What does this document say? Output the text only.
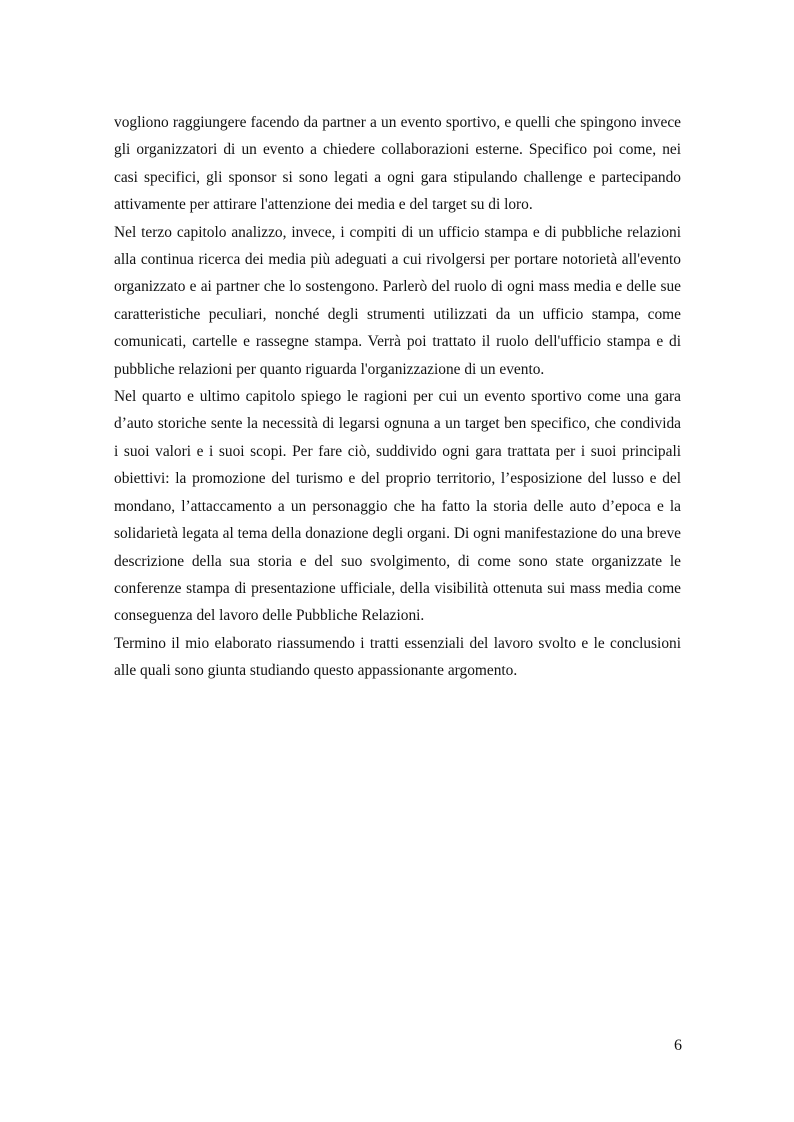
vogliono raggiungere facendo da partner a un evento sportivo, e quelli che spingono invece gli organizzatori di un evento a chiedere collaborazioni esterne. Specifico poi come, nei casi specifici, gli sponsor si sono legati a ogni gara stipulando challenge e partecipando attivamente per attirare l'attenzione dei media e del target su di loro.

Nel terzo capitolo analizzo, invece, i compiti di un ufficio stampa e di pubbliche relazioni alla continua ricerca dei media più adeguati a cui rivolgersi per portare notorietà all'evento organizzato e ai partner che lo sostengono. Parlerò del ruolo di ogni mass media e delle sue caratteristiche peculiari, nonché degli strumenti utilizzati da un ufficio stampa, come comunicati, cartelle e rassegne stampa. Verrà poi trattato il ruolo dell'ufficio stampa e di pubbliche relazioni per quanto riguarda l'organizzazione di un evento.

Nel quarto e ultimo capitolo spiego le ragioni per cui un evento sportivo come una gara d’auto storiche sente la necessità di legarsi ognuna a un target ben specifico, che condivida i suoi valori e i suoi scopi. Per fare ciò, suddivido ogni gara trattata per i suoi principali obiettivi: la promozione del turismo e del proprio territorio, l’esposizione del lusso e del mondano, l’attaccamento a un personaggio che ha fatto la storia delle auto d’epoca e la solidarietà legata al tema della donazione degli organi. Di ogni manifestazione do una breve descrizione della sua storia e del suo svolgimento, di come sono state organizzate le conferenze stampa di presentazione ufficiale, della visibilità ottenuta sui mass media come conseguenza del lavoro delle Pubbliche Relazioni.

Termino il mio elaborato riassumendo i tratti essenziali del lavoro svolto e le conclusioni alle quali sono giunta studiando questo appassionante argomento.

6
